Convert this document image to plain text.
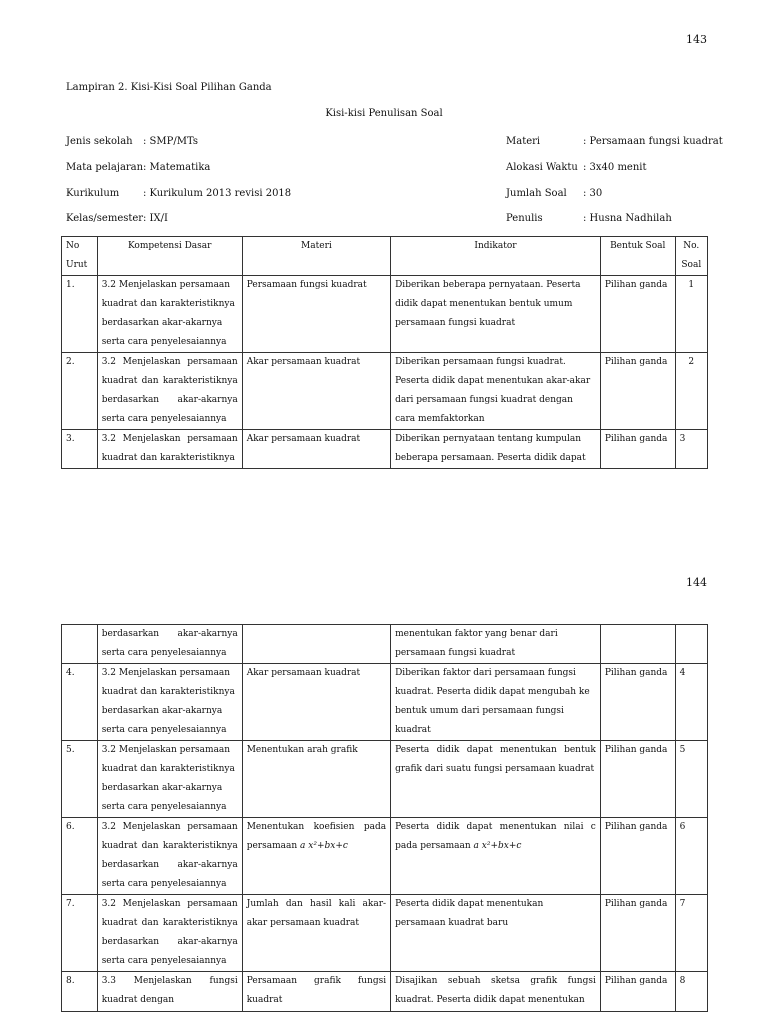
143
Lampiran 2. Kisi-Kisi Soal Pilihan Ganda
Kisi-kisi Penulisan Soal
Jenis sekolah : SMP/MTs
Mata pelajaran : Matematika
Kurikulum : Kurikulum 2013 revisi 2018
Kelas/semester : IX/I
Materi	: Persamaan fungsi kuadrat
Alokasi Waktu : 3x40 menit
Jumlah Soal : 30
Penulis	: Husna Nadhilah
No Urut	Kompetensi Dasar	Materi	Indikator	Bentuk Soal	No. Soal
1.	3.2 Menjelaskan persamaan kuadrat dan karakteristiknya berdasarkan akar-akarnya serta cara penyelesaiannya	Persamaan fungsi kuadrat	Diberikan beberapa pernyataan. Peserta didik dapat menentukan bentuk umum persamaan fungsi kuadrat	Pilihan ganda	1
2.	3.2 Menjelaskan persamaan kuadrat dan karakteristiknya berdasarkan akar-akarnya serta cara penyelesaiannya	Akar persamaan kuadrat	Diberikan persamaan fungsi kuadrat. Peserta didik dapat menentukan akar-akar dari persamaan fungsi kuadrat dengan cara memfaktorkan	Pilihan ganda	2
3.	3.2 Menjelaskan persamaan kuadrat dan karakteristiknya	Akar persamaan kuadrat	Diberikan pernyataan tentang kumpulan beberapa persamaan. Peserta didik dapat	Pilihan ganda	3
144
	berdasarkan akar-akarnya serta cara penyelesaiannya		menentukan faktor yang benar dari persamaan fungsi kuadrat		
4.	3.2 Menjelaskan persamaan kuadrat dan karakteristiknya berdasarkan akar-akarnya serta cara penyelesaiannya	Akar persamaan kuadrat	Diberikan faktor dari persamaan fungsi kuadrat. Peserta didik dapat mengubah ke bentuk umum dari persamaan fungsi kuadrat	Pilihan ganda	4
5.	3.2 Menjelaskan persamaan kuadrat dan karakteristiknya berdasarkan akar-akarnya serta cara penyelesaiannya	Menentukan arah grafik	Peserta didik dapat menentukan bentuk grafik dari suatu fungsi persamaan kuadrat	Pilihan ganda	5
6.	3.2 Menjelaskan persamaan kuadrat dan karakteristiknya berdasarkan akar-akarnya serta cara penyelesaiannya	Menentukan koefisien pada persamaan a x²+bx+c	Peserta didik dapat menentukan nilai c pada persamaan a x²+bx+c	Pilihan ganda	6
7.	3.2 Menjelaskan persamaan kuadrat dan karakteristiknya berdasarkan akar-akarnya serta cara penyelesaiannya	Jumlah dan hasil kali akar-akar persamaan kuadrat	Peserta didik dapat menentukan persamaan kuadrat baru	Pilihan ganda	7
8.	3.3 Menjelaskan fungsi kuadrat dengan	Persamaan grafik fungsi kuadrat	Disajikan sebuah sketsa grafik fungsi kuadrat. Peserta didik dapat menentukan	Pilihan ganda	8
